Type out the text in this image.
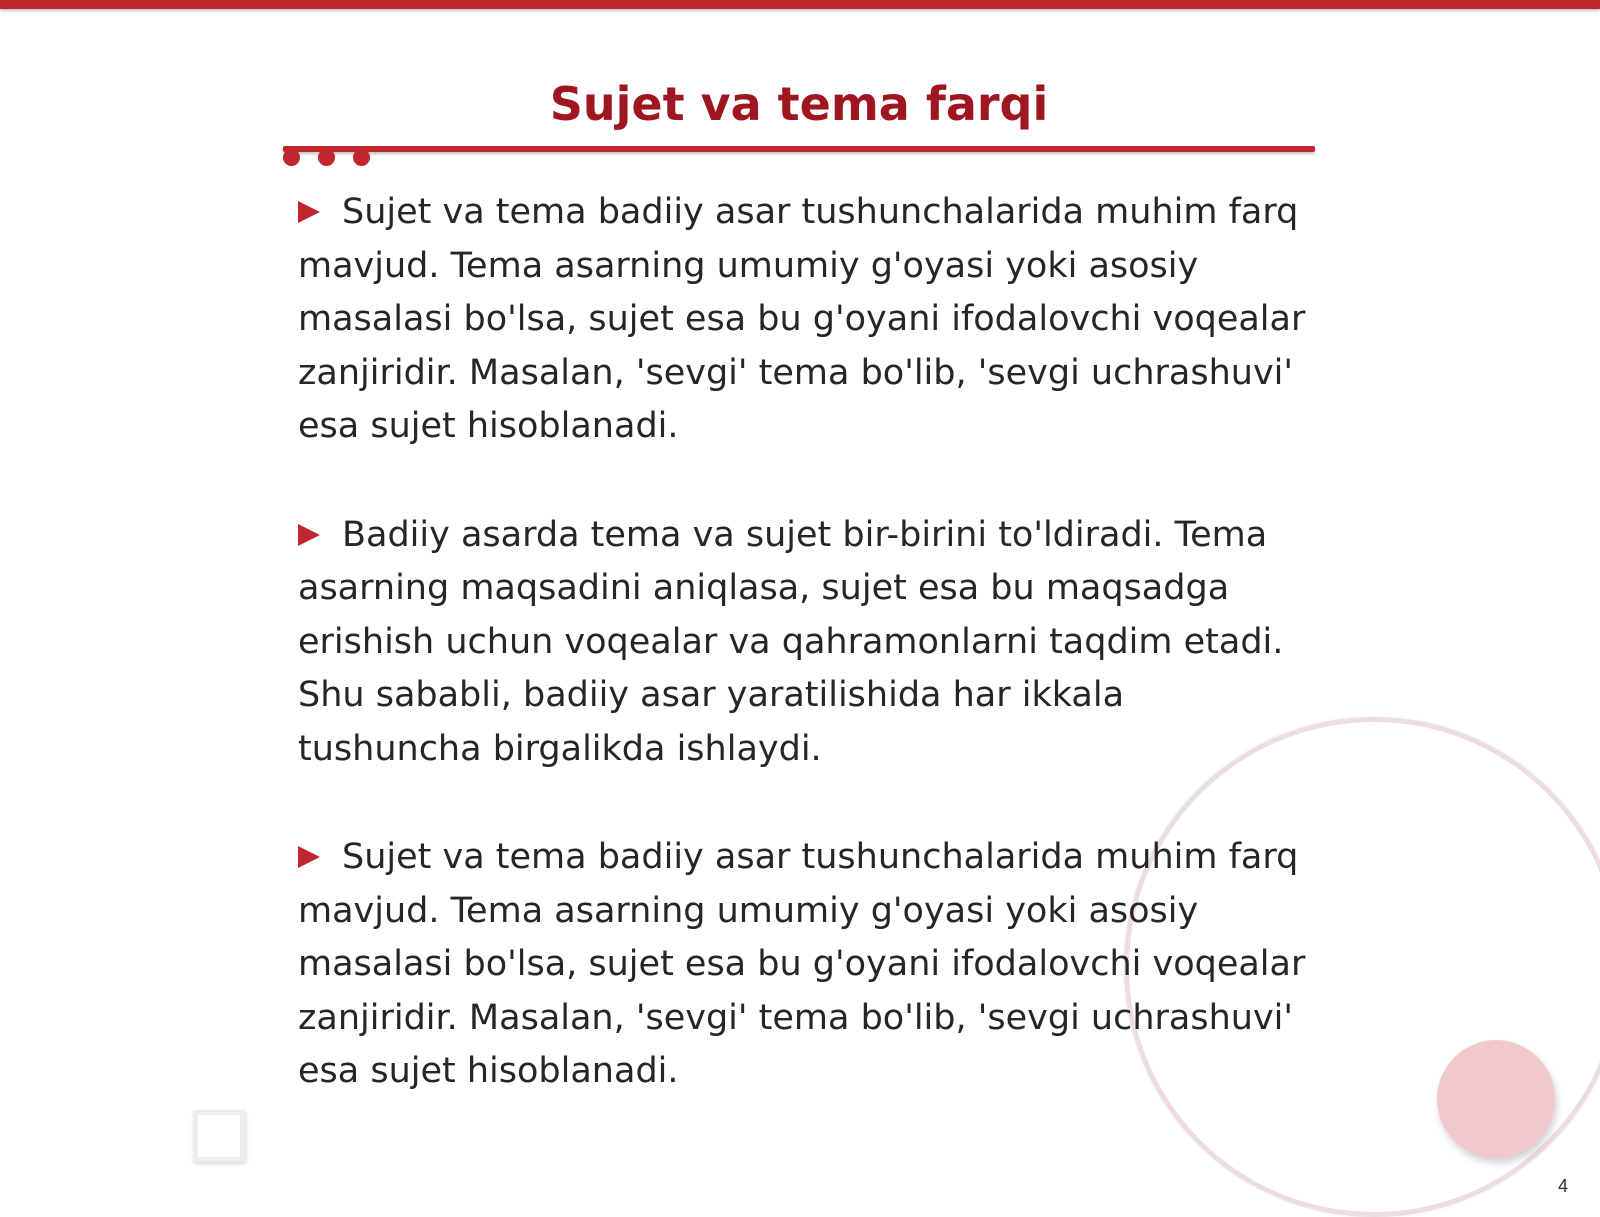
Sujet va tema farqi
Sujet va tema badiiy asar tushunchalarida muhim farq mavjud. Tema asarning umumiy g'oyasi yoki asosiy masalasi bo'lsa, sujet esa bu g'oyani ifodalovchi voqealar zanjiridir. Masalan, 'sevgi' tema bo'lib, 'sevgi uchrashuvi' esa sujet hisoblanadi.
Badiiy asarda tema va sujet bir-birini to'ldiradi. Tema asarning maqsadini aniqlasa, sujet esa bu maqsadga erishish uchun voqealar va qahramonlarni taqdim etadi. Shu sababli, badiiy asar yaratilishida har ikkala tushuncha birgalikda ishlaydi.
Sujet va tema badiiy asar tushunchalarida muhim farq mavjud. Tema asarning umumiy g'oyasi yoki asosiy masalasi bo'lsa, sujet esa bu g'oyani ifodalovchi voqealar zanjiridir. Masalan, 'sevgi' tema bo'lib, 'sevgi uchrashuvi' esa sujet hisoblanadi.
4
